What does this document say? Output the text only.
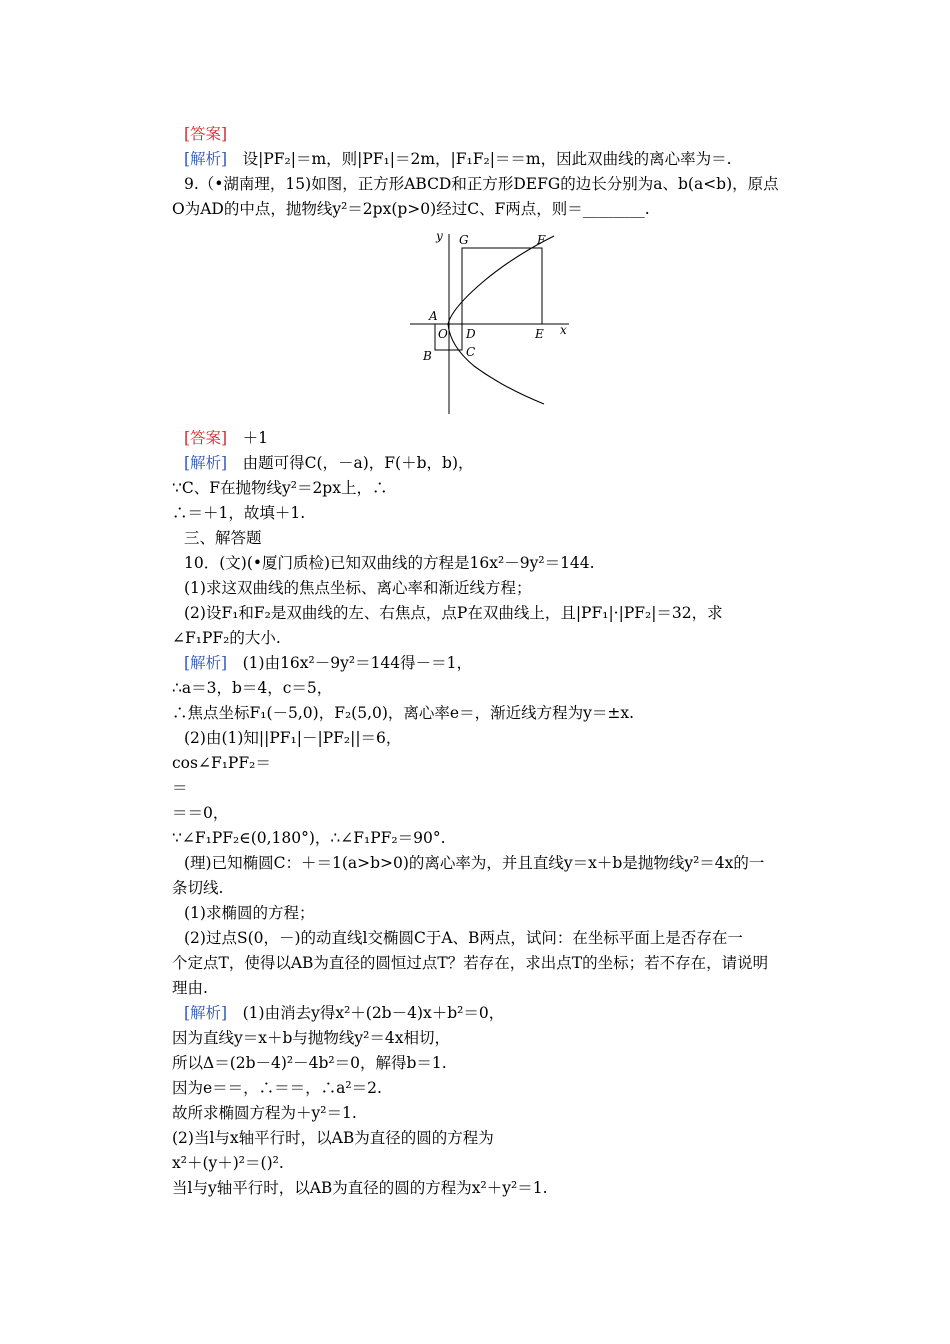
[答案]
[解析]　设|PF₂|＝m，则|PF₁|＝2m，|F₁F₂|＝＝m，因此双曲线的离心率为＝.
9.（•湖南理，15)如图，正方形ABCD和正方形DEFG的边长分别为a、b(a<b)，原点
O为AD的中点，抛物线y²＝2px(p>0)经过C、F两点，则＝________.
[答案]　＋1
[解析]　由题可得C(，－a)，F(＋b，b)，
∵C、F在抛物线y²＝2px上，∴
∴＝＋1，故填＋1.
三、解答题
10．(文)(•厦门质检)已知双曲线的方程是16x²－9y²＝144.
(1)求这双曲线的焦点坐标、离心率和渐近线方程；
(2)设F₁和F₂是双曲线的左、右焦点，点P在双曲线上，且|PF₁|·|PF₂|＝32，求
∠F₁PF₂的大小.
[解析]　(1)由16x²－9y²＝144得－＝1，
∴a＝3，b＝4，c＝5，
∴焦点坐标F₁(－5,0)，F₂(5,0)，离心率e＝，渐近线方程为y＝±x.
(2)由(1)知||PF₁|－|PF₂||＝6，
cos∠F₁PF₂＝
＝
＝＝0，
∵∠F₁PF₂∈(0,180°)，∴∠F₁PF₂＝90°.
(理)已知椭圆C：＋＝1(a>b>0)的离心率为，并且直线y＝x＋b是抛物线y²＝4x的一
条切线.
(1)求椭圆的方程；
(2)过点S(0，－)的动直线l交椭圆C于A、B两点，试问：在坐标平面上是否存在一
个定点T，使得以AB为直径的圆恒过点T？若存在，求出点T的坐标；若不存在，请说明
理由.
[解析]　(1)由消去y得x²＋(2b－4)x＋b²＝0，
因为直线y＝x＋b与抛物线y²＝4x相切，
所以Δ＝(2b－4)²－4b²＝0，解得b＝1.
因为e＝＝，∴＝＝，∴a²＝2.
故所求椭圆方程为＋y²＝1.
(2)当l与x轴平行时，以AB为直径的圆的方程为
x²＋(y＋)²＝()².
当l与y轴平行时，以AB为直径的圆的方程为x²＋y²＝1.
y
x
G	F
A
O D	E
B	C
